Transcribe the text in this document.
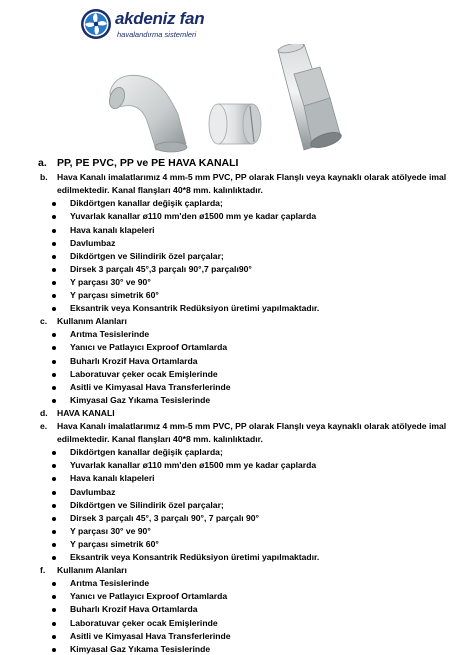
akdeniz fan
havalandırma sistemleri
a. PP, PE PVC, PP ve PE HAVA KANALI
b. Hava Kanalı imalatlarımız 4 mm-5 mm PVC, PP olarak Flanşlı veya kaynaklı olarak atölyede imal
edilmektedir. Kanal flanşları 40*8 mm. kalınlıktadır.
Dikdörtgen kanallar değişik çaplarda;
Yuvarlak kanallar ø110 mm'den ø1500 mm ye kadar çaplarda
Hava kanalı klapeleri
Davlumbaz
Dikdörtgen ve Silindirik özel parçalar;
Dirsek 3 parçalı 45°,3 parçalı 90°,7 parçalı90°
Y parçası 30° ve 90°
Y parçası simetrik 60°
Eksantrik veya Konsantrik Redüksiyon üretimi yapılmaktadır.
c. Kullanım Alanları
Arıtma Tesislerinde
Yanıcı ve Patlayıcı Exproof Ortamlarda
Buharlı Krozif Hava Ortamlarda
Laboratuvar çeker ocak Emişlerinde
Asitli ve Kimyasal Hava Transferlerinde
Kimyasal Gaz Yıkama Tesislerinde
d. HAVA KANALI
e. Hava Kanalı imalatlarımız 4 mm-5 mm PVC, PP olarak Flanşlı veya kaynaklı olarak atölyede imal
edilmektedir. Kanal flanşları 40*8 mm. kalınlıktadır.
Dikdörtgen kanallar değişik çaplarda;
Yuvarlak kanallar ø110 mm'den ø1500 mm ye kadar çaplarda
Hava kanalı klapeleri
Davlumbaz
Dikdörtgen ve Silindirik özel parçalar;
Dirsek 3 parçalı 45°, 3 parçalı 90°, 7 parçalı 90°
Y parçası 30° ve 90°
Y parçası simetrik 60°
Eksantrik veya Konsantrik Redüksiyon üretimi yapılmaktadır.
f. Kullanım Alanları
Arıtma Tesislerinde
Yanıcı ve Patlayıcı Exproof Ortamlarda
Buharlı Krozif Hava Ortamlarda
Laboratuvar çeker ocak Emişlerinde
Asitli ve Kimyasal Hava Transferlerinde
Kimyasal Gaz Yıkama Tesislerinde
